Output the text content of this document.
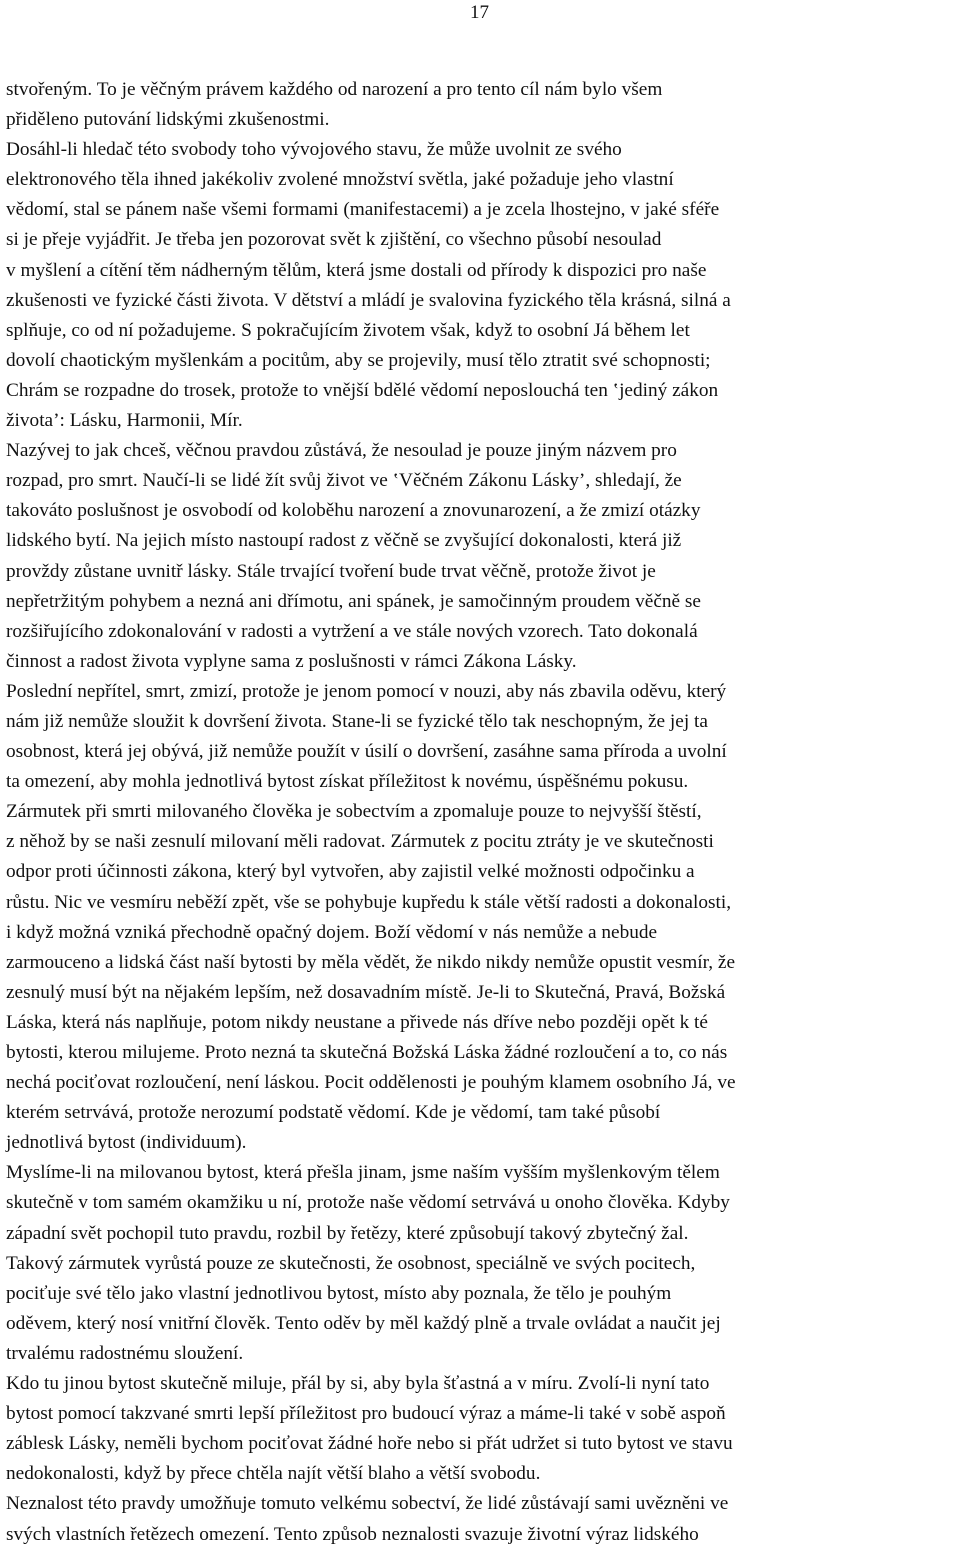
17
stvořeným. To je věčným právem každého od narození a pro tento cíl nám bylo všem
přiděleno putování lidskými zkušenostmi.
Dosáhl-li hledač této svobody toho vývojového stavu, že může uvolnit ze svého
elektronového těla ihned jakékoliv zvolené množství světla, jaké požaduje jeho vlastní
vědomí, stal se pánem naše všemi formami (manifestacemi) a je zcela lhostejno, v jaké sféře
si je přeje vyjádřit. Je třeba jen pozorovat svět k zjištění, co všechno působí nesoulad
v myšlení a cítění těm nádherným tělům, která jsme dostali od přírody k dispozici pro naše
zkušenosti ve fyzické části života. V dětství a mládí je svalovina fyzického těla krásná, silná a
splňuje, co od ní požadujeme. S pokračujícím životem však, když to osobní Já během let
dovolí chaotickým myšlenkám a pocitům, aby se projevily, musí tělo ztratit své schopnosti;
Chrám se rozpadne do trosek, protože to vnější bdělé vědomí neposlouchá ten ‛jediný zákon
života’: Lásku, Harmonii, Mír.
Nazývej to jak chceš, věčnou pravdou zůstává, že nesoulad je pouze jiným názvem pro
rozpad, pro smrt. Naučí-li se lidé žít svůj život ve ‛Věčném Zákonu Lásky’, shledají, že
takováto poslušnost je osvobodí od koloběhu narození a znovunarození, a že zmizí otázky
lidského bytí. Na jejich místo nastoupí radost z věčně se zvyšující dokonalosti, která již
provždy zůstane uvnitř lásky. Stále trvající tvoření bude trvat věčně, protože život je
nepřetržitým pohybem a nezná ani dřímotu, ani spánek, je samočinným proudem věčně se
rozšiřujícího zdokonalování v radosti a vytržení a ve stále nových vzorech. Tato dokonalá
činnost a radost života vyplyne sama z poslušnosti v rámci Zákona Lásky.
Poslední nepřítel, smrt, zmizí, protože je jenom pomocí v nouzi, aby nás zbavila oděvu, který
nám již nemůže sloužit k dovršení života. Stane-li se fyzické tělo tak neschopným, že jej ta
osobnost, která jej obývá, již nemůže použít v úsilí o dovršení, zasáhne sama příroda a uvolní
ta omezení, aby mohla jednotlivá bytost získat příležitost k novému, úspěšnému pokusu.
Zármutek při smrti milovaného člověka je sobectvím a zpomaluje pouze to nejvyšší štěstí,
z něhož by se naši zesnulí milovaní měli radovat. Zármutek z pocitu ztráty je ve skutečnosti
odpor proti účinnosti zákona, který byl vytvořen, aby zajistil velké možnosti odpočinku a
růstu. Nic ve vesmíru neběží zpět, vše se pohybuje kupředu k stále větší radosti a dokonalosti,
i když možná vzniká přechodně opačný dojem. Boží vědomí v nás nemůže a nebude
zarmouceno a lidská část naší bytosti by měla vědět, že nikdo nikdy nemůže opustit vesmír, že
zesnulý musí být na nějakém lepším, než dosavadním místě. Je-li to Skutečná, Pravá, Božská
Láska, která nás naplňuje, potom nikdy neustane a přivede nás dříve nebo později opět k té
bytosti, kterou milujeme. Proto nezná ta skutečná Božská Láska žádné rozloučení a to, co nás
nechá pociťovat rozloučení, není láskou. Pocit oddělenosti je pouhým klamem osobního Já, ve
kterém setrvává, protože nerozumí podstatě vědomí. Kde je vědomí, tam také působí
jednotlivá bytost (individuum).
Myslíme-li na milovanou bytost, která přešla jinam, jsme naším vyšším myšlenkovým tělem
skutečně v tom samém okamžiku u ní, protože naše vědomí setrvává u onoho člověka. Kdyby
západní svět pochopil tuto pravdu, rozbil by řetězy, které způsobují takový zbytečný žal.
Takový zármutek vyrůstá pouze ze skutečnosti, že osobnost, speciálně ve svých pocitech,
pociťuje své tělo jako vlastní jednotlivou bytost, místo aby poznala, že tělo je pouhým
oděvem, který nosí vnitřní člověk. Tento oděv by měl každý plně a trvale ovládat a naučit jej
trvalému radostnému sloužení.
Kdo tu jinou bytost skutečně miluje, přál by si, aby byla šťastná a v míru. Zvolí-li nyní tato
bytost pomocí takzvané smrti lepší příležitost pro budoucí výraz a máme-li také v sobě aspoň
záblesk Lásky, neměli bychom pociťovat žádné hoře nebo si přát udržet si tuto bytost ve stavu
nedokonalosti, když by přece chtěla najít větší blaho a větší svobodu.
Neznalost této pravdy umožňuje tomuto velkému sobectví, že lidé zůstávají sami uvězněni ve
svých vlastních řetězech omezení. Tento způsob neznalosti svazuje životní výraz lidského
